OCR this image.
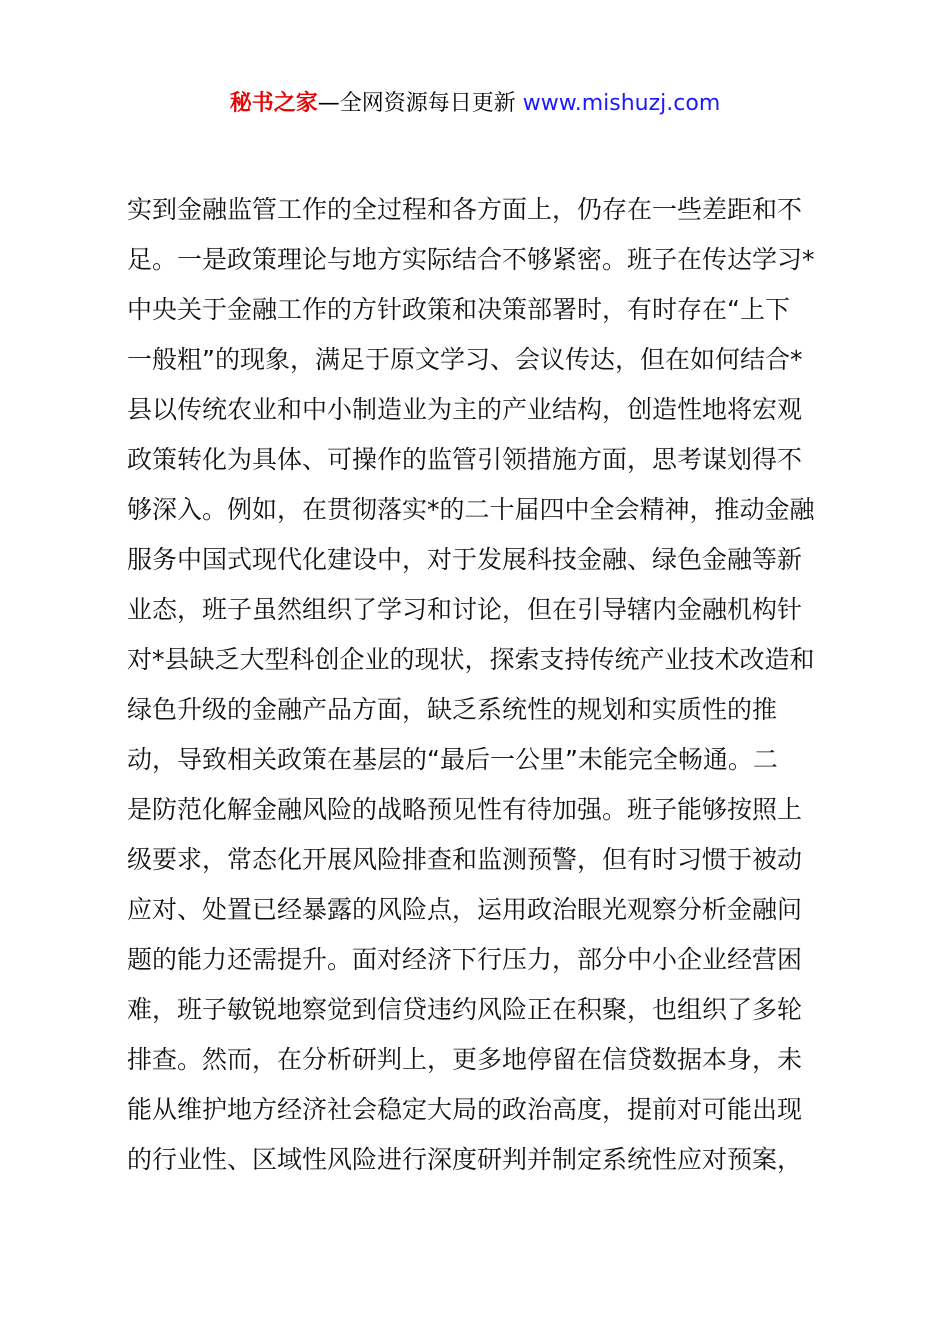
秘书之家—全网资源每日更新 www.mishuzj.com
实到金融监管工作的全过程和各方面上，仍存在一些差距和不
足。一是政策理论与地方实际结合不够紧密。班子在传达学习*
中央关于金融工作的方针政策和决策部署时，有时存在“上下
一般粗”的现象，满足于原文学习、会议传达，但在如何结合*
县以传统农业和中小制造业为主的产业结构，创造性地将宏观
政策转化为具体、可操作的监管引领措施方面，思考谋划得不
够深入。例如，在贯彻落实*的二十届四中全会精神，推动金融
服务中国式现代化建设中，对于发展科技金融、绿色金融等新
业态，班子虽然组织了学习和讨论，但在引导辖内金融机构针
对*县缺乏大型科创企业的现状，探索支持传统产业技术改造和
绿色升级的金融产品方面，缺乏系统性的规划和实质性的推
动，导致相关政策在基层的“最后一公里”未能完全畅通。二
是防范化解金融风险的战略预见性有待加强。班子能够按照上
级要求，常态化开展风险排查和监测预警，但有时习惯于被动
应对、处置已经暴露的风险点，运用政治眼光观察分析金融问
题的能力还需提升。面对经济下行压力，部分中小企业经营困
难，班子敏锐地察觉到信贷违约风险正在积聚，也组织了多轮
排查。然而，在分析研判上，更多地停留在信贷数据本身，未
能从维护地方经济社会稳定大局的政治高度，提前对可能出现
的行业性、区域性风险进行深度研判并制定系统性应对预案，
